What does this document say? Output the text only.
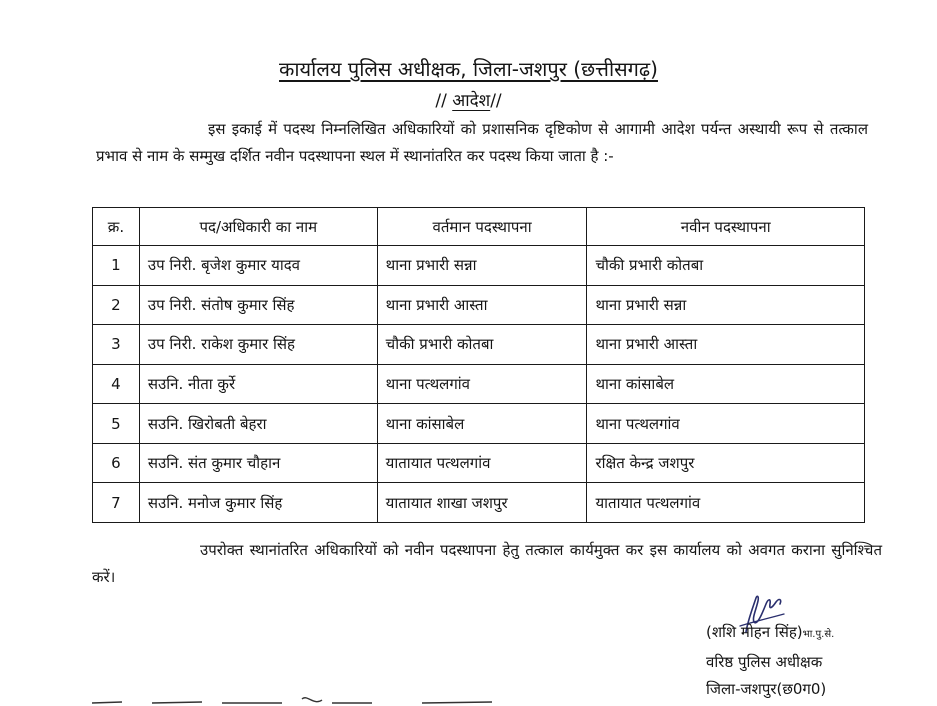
कार्यालय पुलिस अधीक्षक, जिला-जशपुर (छत्तीसगढ़)
// आदेश//
इस इकाई में पदस्थ निम्नलिखित अधिकारियों को प्रशासनिक दृष्टिकोण से आगामी आदेश पर्यन्त अस्थायी रूप से तत्काल प्रभाव से नाम के सम्मुख दर्शित नवीन पदस्थापना स्थल में स्थानांतरित कर पदस्थ किया जाता है :-
क्र.	पद/अधिकारी का नाम	वर्तमान पदस्थापना	नवीन पदस्थापना
1	उप निरी. बृजेश कुमार यादव	थाना प्रभारी सन्ना	चौकी प्रभारी कोतबा
2	उप निरी. संतोष कुमार सिंह	थाना प्रभारी आस्ता	थाना प्रभारी सन्ना
3	उप निरी. राकेश कुमार सिंह	चौकी प्रभारी कोतबा	थाना प्रभारी आस्ता
4	सउनि. नीता कुर्रे	थाना पत्थलगांव	थाना कांसाबेल
5	सउनि. खिरोबती बेहरा	थाना कांसाबेल	थाना पत्थलगांव
6	सउनि. संत कुमार चौहान	यातायात पत्थलगांव	रक्षित केन्द्र जशपुर
7	सउनि. मनोज कुमार सिंह	यातायात शाखा जशपुर	यातायात पत्थलगांव
उपरोक्त स्थानांतरित अधिकारियों को नवीन पदस्थापना हेतु तत्काल कार्यमुक्त कर इस कार्यालय को अवगत कराना सुनिश्चित करें।
(शशि मोहन सिंह)भा.पु.से.
वरिष्ठ पुलिस अधीक्षक
जिला-जशपुर(छ0ग0)
